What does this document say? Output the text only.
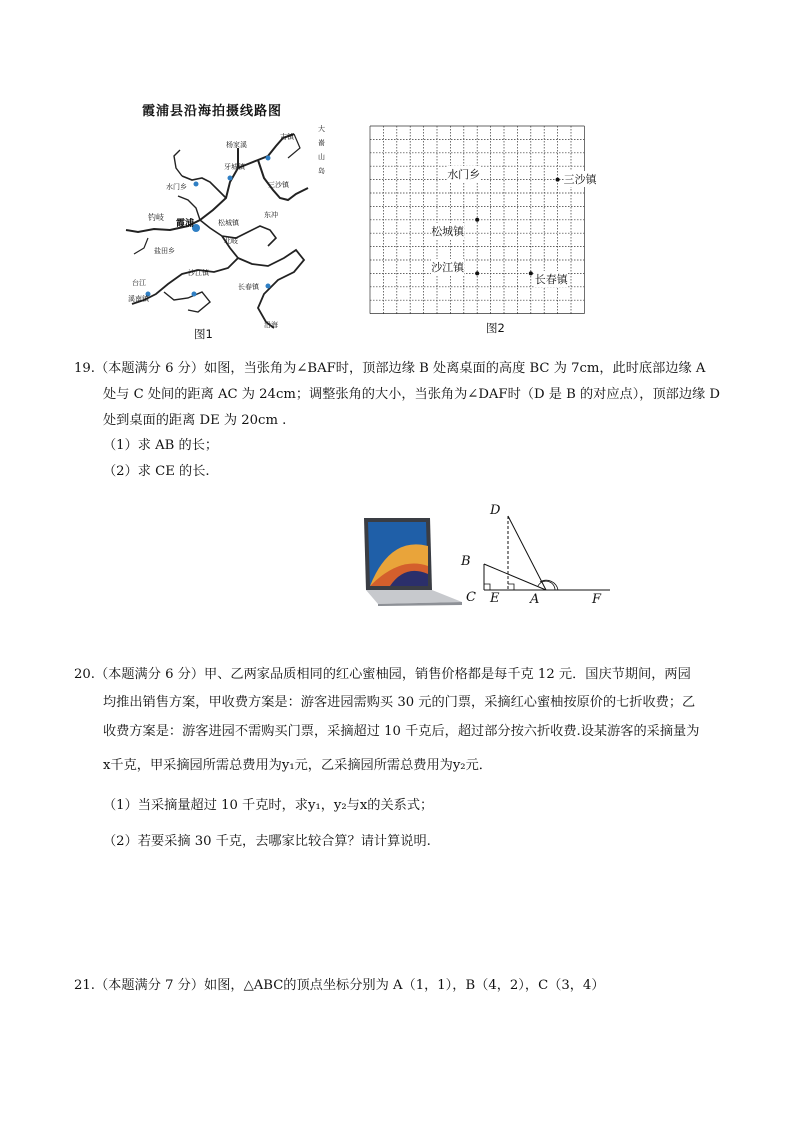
霞浦县沿海拍摄线路图
古镇
杨家溪
水门乡
牙城镇
三沙镇
钓岐
霞浦	松城镇
北岐
东冲
盐田乡
沙江镇
台江
溪南镇
长春镇
沿海
大 嵛 山 岛
图1
水门乡	三沙镇
松城镇
沙江镇
长春镇
图2
19.（本题满分 6 分）如图，当张角为∠BAF时，顶部边缘 B 处离桌面的高度 BC 为 7cm，此时底部边缘 A
处与 C 处间的距离 AC 为 24cm；调整张角的大小，当张角为∠DAF时（D 是 B 的对应点），顶部边缘 D
处到桌面的距离 DE 为 20cm .
（1）求 AB 的长；
（2）求 CE 的长.
D
B
C E A	F
20.（本题满分 6 分）甲、乙两家品质相同的红心蜜柚园，销售价格都是每千克 12 元．国庆节期间，两园
均推出销售方案，甲收费方案是：游客进园需购买 30 元的门票，采摘红心蜜柚按原价的七折收费；乙
收费方案是：游客进园不需购买门票，采摘超过 10 千克后，超过部分按六折收费.设某游客的采摘量为
x千克，甲采摘园所需总费用为y₁元，乙采摘园所需总费用为y₂元．
（1）当采摘量超过 10 千克时，求y₁，y₂与x的关系式；
（2）若要采摘 30 千克，去哪家比较合算？请计算说明.
21.（本题满分 7 分）如图，△ABC的顶点坐标分别为 A（1，1），B（4，2），C（3，4）
